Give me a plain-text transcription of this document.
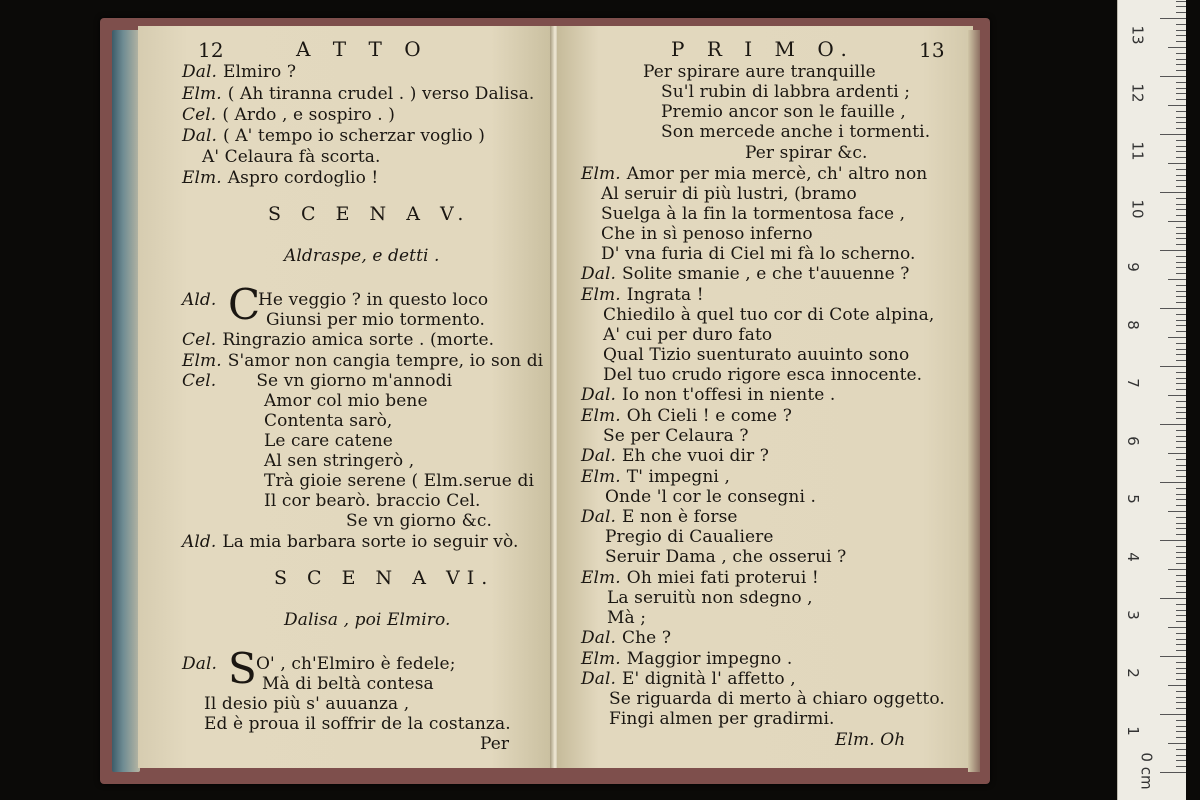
12	A T T O
Dal. Elmiro ?
Elm. ( Ah tiranna crudel . ) verso Dalisa.
Cel. ( Ardo , e sospiro . )
Dal. ( A' tempo io scherzar voglio )
A' Celaura fà scorta.
Elm. Aspro cordoglio !
S C E N A V.
Aldraspe, e detti .
Ald. C
He veggio ? in questo loco
Giunsi per mio tormento.
Cel. Ringrazio amica sorte . (morte.
Elm. S'amor non cangia tempre, io son di
Cel. Se vn giorno m'annodi
Amor col mio bene
Contenta sarò,
Le care catene
Al sen stringerò ,
Trà gioie serene ( Elm.serue di
Il cor bearò. braccio Cel.
Se vn giorno &c.
Ald. La mia barbara sorte io seguir vò.
S C E N A VI.
Dalisa , poi Elmiro.
Dal. S O' , ch'Elmiro è fedele;
Mà di beltà contesa
Il desio più s' auuanza ,
Ed è proua il soffrir de la costanza.
Per
P R I M O.	13
Per spirare aure tranquille
Su'l rubin di labbra ardenti ;
Premio ancor son le fauille ,
Son mercede anche i tormenti.
Per spirar &c.
Elm. Amor per mia mercè, ch' altro non
Al seruir di più lustri, (bramo
Suelga à la fin la tormentosa face ,
Che in sì penoso inferno
D' vna furia di Ciel mi fà lo scherno.
Dal. Solite smanie , e che t'auuenne ?
Elm. Ingrata !
Chiedilo à quel tuo cor di Cote alpina,
A' cui per duro fato
Qual Tizio suenturato auuinto sono
Del tuo crudo rigore esca innocente.
Dal. Io non t'offesi in niente .
Elm. Oh Cieli ! e come ?
Se per Celaura ?
Dal. Eh che vuoi dir ?
Elm. T' impegni ,
Onde 'l cor le consegni .
Dal. E non è forse
Pregio di Caualiere
Seruir Dama , che osserui ?
Elm. Oh miei fati proterui !
La seruitù non sdegno ,
Mà ;
Dal. Che ?
Elm. Maggior impegno .
Dal. E' dignità l' affetto ,
Se riguarda di merto à chiaro oggetto.
Fingi almen per gradirmi.
Elm. Oh
0 cm
1
2
3
4
5
6
7
8
9
10
11
12
13
